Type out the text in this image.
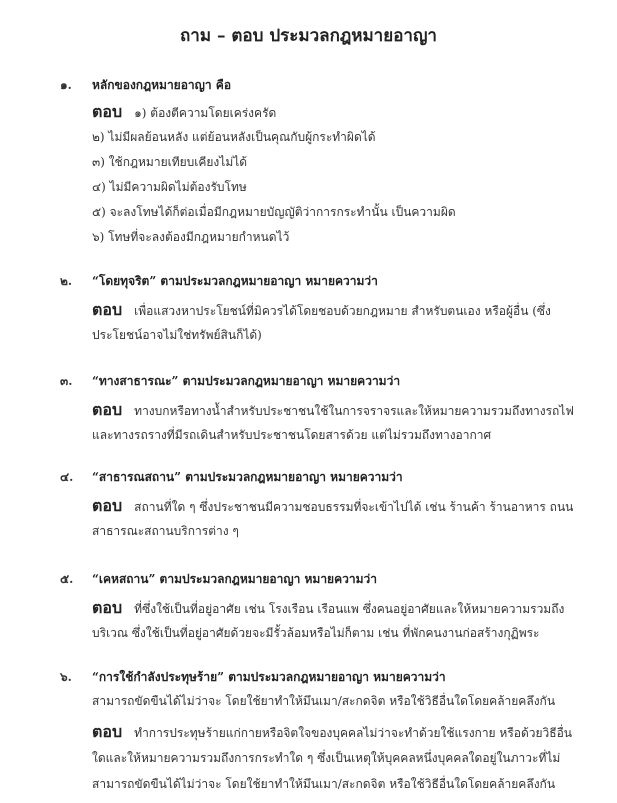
ถาม – ตอบ ประมวลกฎหมายอาญา
๑. หลักของกฎหมายอาญา คือ
ตอบ ๑) ต้องตีความโดยเคร่งครัด
๒) ไม่มีผลย้อนหลัง แต่ย้อนหลังเป็นคุณกับผู้กระทำผิดได้
๓) ใช้กฎหมายเทียบเคียงไม่ได้
๔) ไม่มีความผิดไม่ต้องรับโทษ
๕) จะลงโทษได้ก็ต่อเมื่อมีกฎหมายบัญญัติว่าการกระทำนั้น เป็นความผิด
๖) โทษที่จะลงต้องมีกฎหมายกำหนดไว้
๒. “โดยทุจริต” ตามประมวลกฎหมายอาญา หมายความว่า
ตอบ เพื่อแสวงหาประโยชน์ที่มิควรได้โดยชอบด้วยกฎหมาย สำหรับตนเอง หรือผู้อื่น (ซึ่ง
ประโยชน์อาจไม่ใช่ทรัพย์สินก็ได้)
๓. “ทางสาธารณะ” ตามประมวลกฎหมายอาญา หมายความว่า
ตอบ ทางบกหรือทางน้ำสำหรับประชาชนใช้ในการจราจรและให้หมายความรวมถึงทางรถไฟ
และทางรถรางที่มีรถเดินสำหรับประชาชนโดยสารด้วย แต่ไม่รวมถึงทางอากาศ
๔. “สาธารณสถาน” ตามประมวลกฎหมายอาญา หมายความว่า
ตอบ สถานที่ใด ๆ ซึ่งประชาชนมีความชอบธรรมที่จะเข้าไปได้ เช่น ร้านค้า ร้านอาหาร ถนน
สาธารณะสถานบริการต่าง ๆ
๕. “เคหสถาน” ตามประมวลกฎหมายอาญา หมายความว่า
ตอบ ที่ซึ่งใช้เป็นที่อยู่อาศัย เช่น โรงเรือน เรือนแพ ซึ่งคนอยู่อาศัยและให้หมายความรวมถึง
บริเวณ ซึ่งใช้เป็นที่อยู่อาศัยด้วยจะมีรั้วล้อมหรือไม่ก็ตาม เช่น ที่พักคนงานก่อสร้างกุฏิพระ
๖. “การใช้กำลังประทุษร้าย” ตามประมวลกฎหมายอาญา หมายความว่า
สามารถขัดขืนได้ไม่ว่าจะ โดยใช้ยาทำให้มึนเมา/สะกดจิต หรือใช้วิธีอื่นใดโดยคล้ายคลึงกัน
ตอบ ทำการประทุษร้ายแก่กายหรือจิตใจของบุคคลไม่ว่าจะทำด้วยใช้แรงกาย หรือด้วยวิธีอื่น
ใดและให้หมายความรวมถึงการกระทำใด ๆ ซึ่งเป็นเหตุให้บุคคลหนึ่งบุคคลใดอยู่ในภาวะที่ไม่
สามารถขัดขืนได้ไม่ว่าจะ โดยใช้ยาทำให้มึนเมา/สะกดจิต หรือใช้วิธีอื่นใดโดยคล้ายคลึงกัน
